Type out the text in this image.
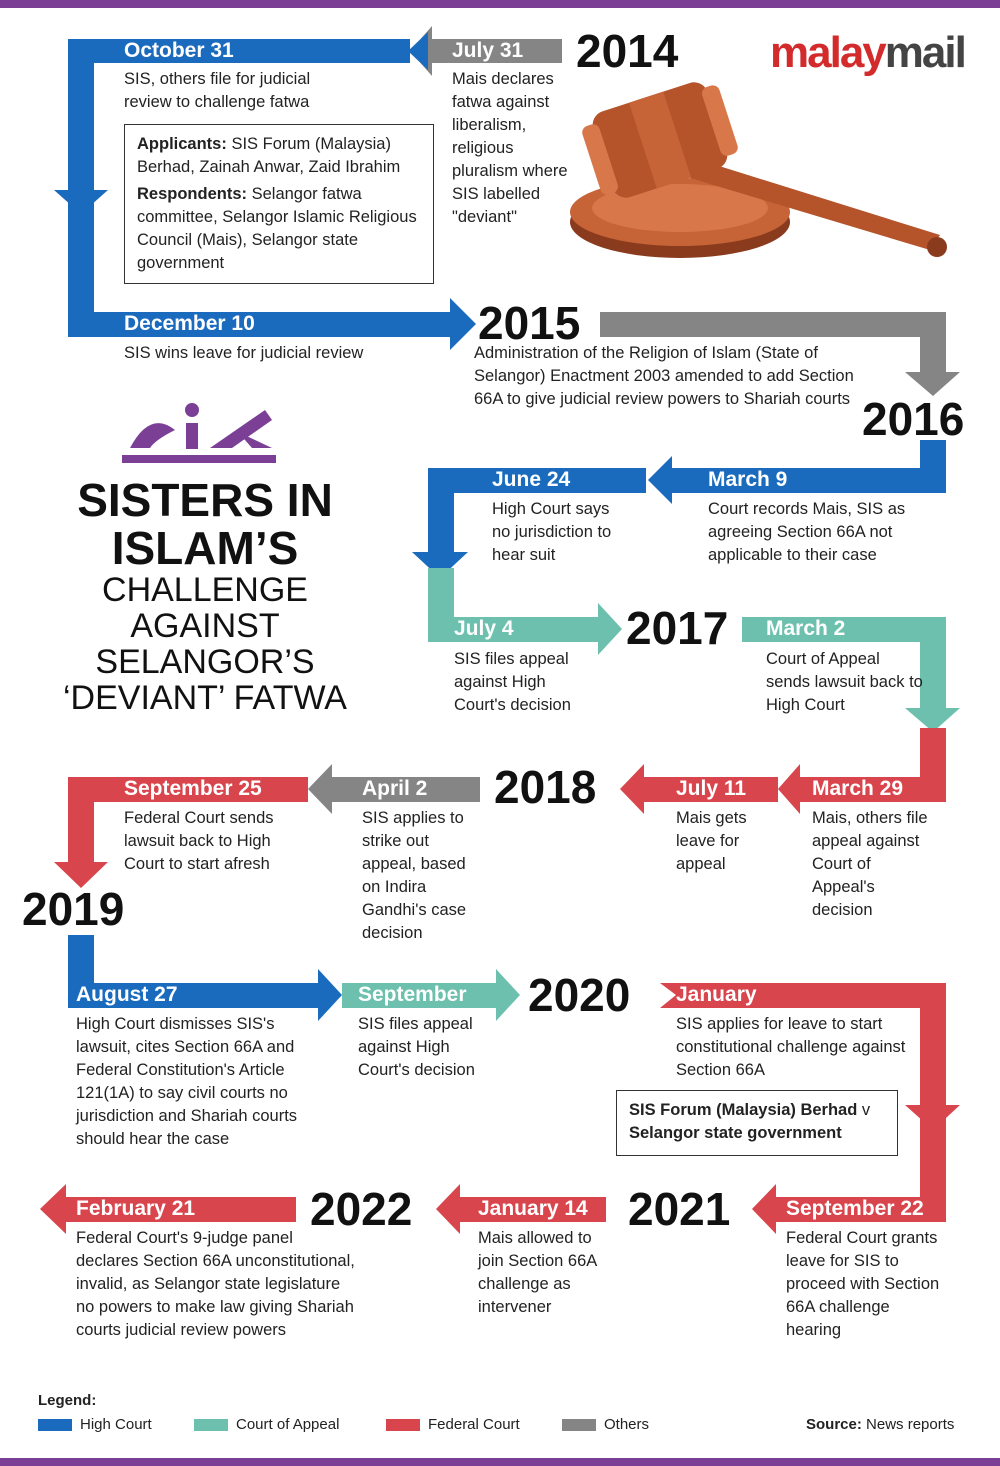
malaymail
2014
2015
2016
2017
2018
2019
2020
2021
2022
October 31	July 31
December 10
June 24	March 9
July 4	March 2
September 25	April 2	July 11	March 29
August 27	September	January
September 22
January 14
February 21
SIS, others file for judicial review to challenge fatwa
Mais declares fatwa against liberalism, religious pluralism where SIS labelled "deviant"
SIS wins leave for judicial review	Administration of the Religion of Islam (State of Selangor) Enactment 2003 amended to add Section 66A to give judicial review powers to Shariah courts
High Court says no jurisdiction to hear suit
Court records Mais, SIS as agreeing Section 66A not applicable to their case
SIS files appeal against High Court's decision
Court of Appeal sends lawsuit back to High Court
Federal Court sends lawsuit back to High Court to start afresh
SIS applies to strike out appeal, based on Indira Gandhi's case decision
Mais gets leave for appeal
Mais, others file appeal against Court of Appeal's decision
High Court dismisses SIS's lawsuit, cites Section 66A and Federal Constitution's Article 121(1A) to say civil courts no jurisdiction and Shariah courts should hear the case
SIS files appeal against High Court's decision
SIS applies for leave to start constitutional challenge against Section 66A
Federal Court grants leave for SIS to proceed with Section 66A challenge hearing
Mais allowed to join Section 66A challenge as intervener
Federal Court's 9-judge panel declares Section 66A unconstitutional, invalid, as Selangor state legislature no powers to make law giving Shariah courts judicial review powers
Applicants: SIS Forum (Malaysia) Berhad, Zainah Anwar, Zaid Ibrahim
Respondents: Selangor fatwa committee, Selangor Islamic Religious Council (Mais), Selangor state government
SIS Forum (Malaysia) Berhad v
Selangor state government
SISTERS IN
ISLAM’S
CHALLENGE
AGAINST
SELANGOR’S
‘DEVIANT’ FATWA
Legend:
High Court	Court of Appeal	Federal Court	Others	Source: News reports
